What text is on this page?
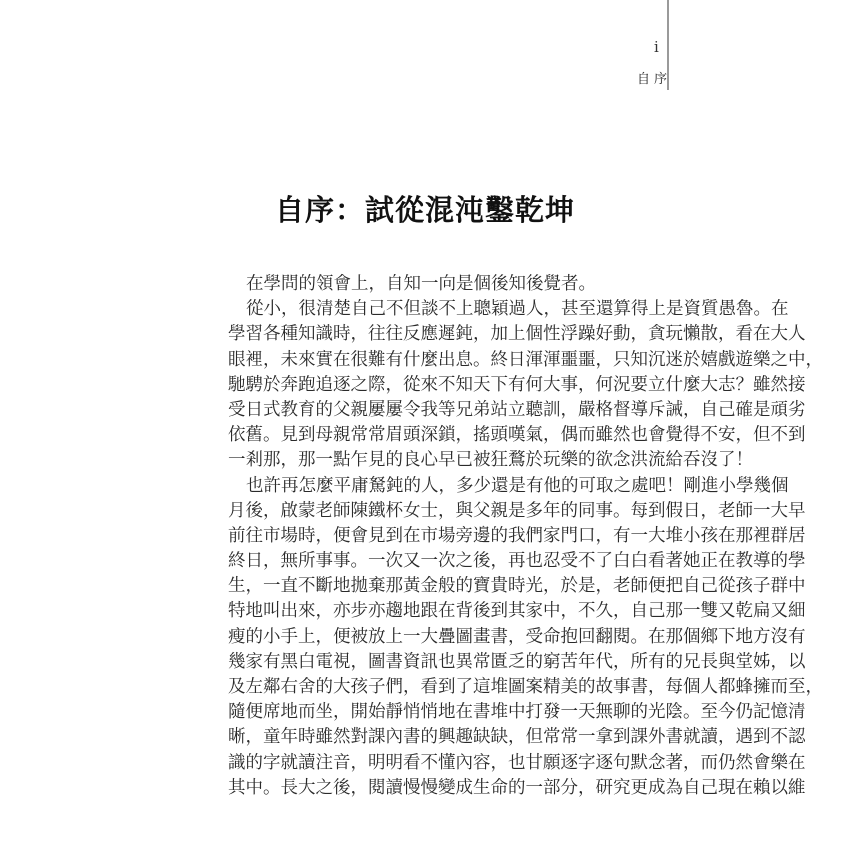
i
自序
自序：試從混沌鑿乾坤
在學問的領會上，自知一向是個後知後覺者。
從小，很清楚自己不但談不上聰穎過人，甚至還算得上是資質愚魯。在
學習各種知識時，往往反應遲鈍，加上個性浮躁好動，貪玩懶散，看在大人
眼裡，未來實在很難有什麼出息。終日渾渾噩噩，只知沉迷於嬉戲遊樂之中，
馳騁於奔跑追逐之際，從來不知天下有何大事，何況要立什麼大志？雖然接
受日式教育的父親屢屢令我等兄弟站立聽訓，嚴格督導斥誡，自己確是頑劣
依舊。見到母親常常眉頭深鎖，搖頭嘆氣，偶而雖然也會覺得不安，但不到
一剎那，那一點乍見的良心早已被狂鶩於玩樂的欲念洪流給吞沒了！
也許再怎麼平庸駑鈍的人，多少還是有他的可取之處吧！剛進小學幾個
月後，啟蒙老師陳鐵杯女士，與父親是多年的同事。每到假日，老師一大早
前往市場時，便會見到在市場旁邊的我們家門口，有一大堆小孩在那裡群居
終日，無所事事。一次又一次之後，再也忍受不了白白看著她正在教導的學
生，一直不斷地拋棄那黃金般的寶貴時光，於是，老師便把自己從孩子群中
特地叫出來，亦步亦趨地跟在背後到其家中，不久，自己那一雙又乾扁又細
瘦的小手上，便被放上一大疊圖畫書，受命抱回翻閱。在那個鄉下地方沒有
幾家有黑白電視，圖書資訊也異常匱乏的窮苦年代，所有的兄長與堂姊，以
及左鄰右舍的大孩子們，看到了這堆圖案精美的故事書，每個人都蜂擁而至，
隨便席地而坐，開始靜悄悄地在書堆中打發一天無聊的光陰。至今仍記憶清
晰，童年時雖然對課內書的興趣缺缺，但常常一拿到課外書就讀，遇到不認
識的字就讀注音，明明看不懂內容，也甘願逐字逐句默念著，而仍然會樂在
其中。長大之後，閱讀慢慢變成生命的一部分，研究更成為自己現在賴以維
